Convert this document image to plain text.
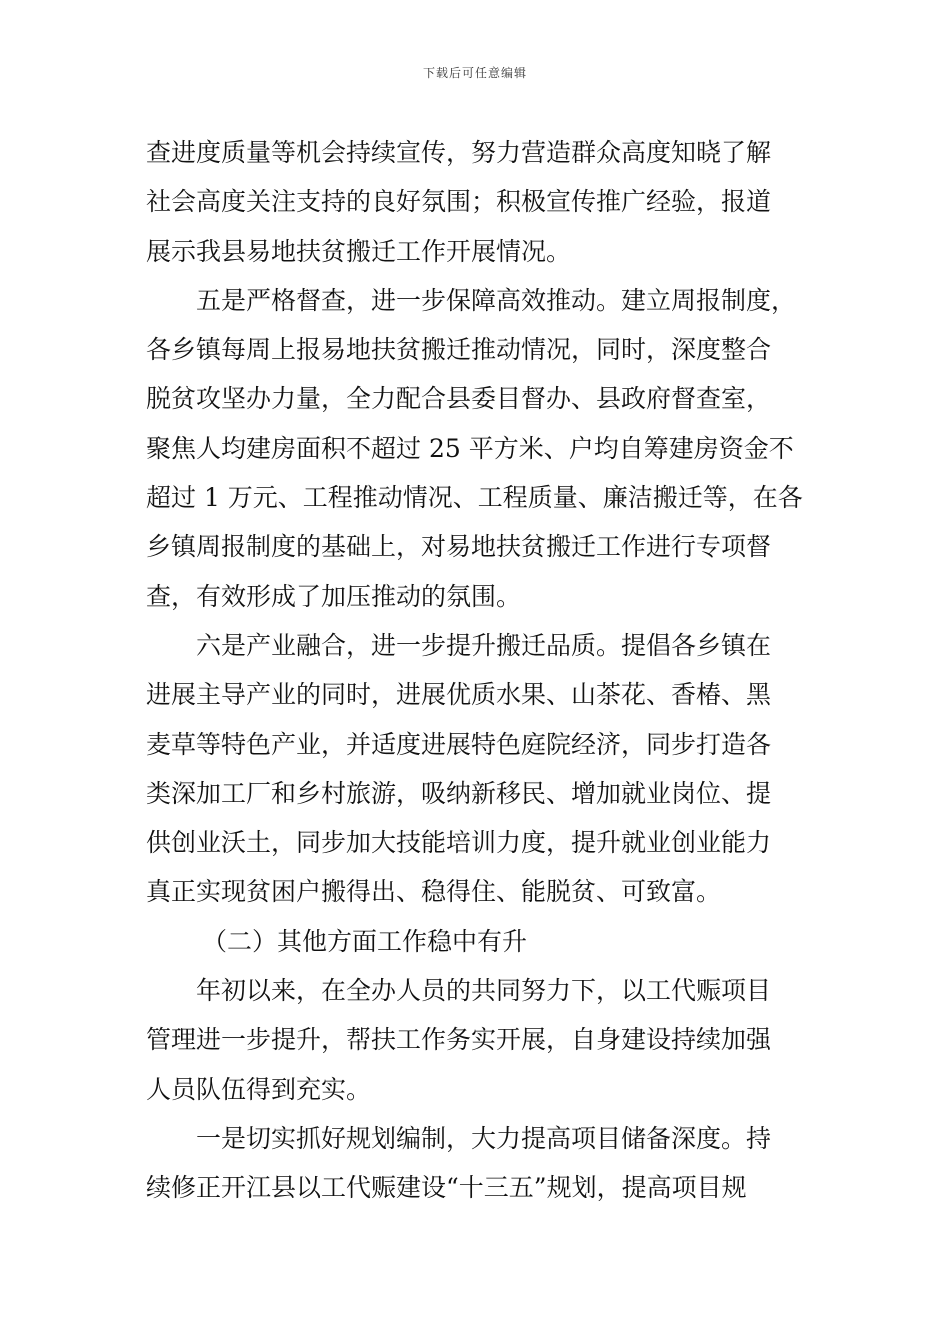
下载后可任意编辑
查进度质量等机会持续宣传，努力营造群众高度知晓了解
社会高度关注支持的良好氛围；积极宣传推广经验，报道
展示我县易地扶贫搬迁工作开展情况。
五是严格督查，进一步保障高效推动。建立周报制度，
各乡镇每周上报易地扶贫搬迁推动情况，同时，深度整合
脱贫攻坚办力量，全力配合县委目督办、县政府督查室，
聚焦人均建房面积不超过 25 平方米、户均自筹建房资金不
超过 1 万元、工程推动情况、工程质量、廉洁搬迁等，在各
乡镇周报制度的基础上，对易地扶贫搬迁工作进行专项督
查，有效形成了加压推动的氛围。
六是产业融合，进一步提升搬迁品质。提倡各乡镇在
进展主导产业的同时，进展优质水果、山茶花、香椿、黑
麦草等特色产业，并适度进展特色庭院经济，同步打造各
类深加工厂和乡村旅游，吸纳新移民、增加就业岗位、提
供创业沃土，同步加大技能培训力度，提升就业创业能力
真正实现贫困户搬得出、稳得住、能脱贫、可致富。
（二）其他方面工作稳中有升
年初以来，在全办人员的共同努力下，以工代赈项目
管理进一步提升，帮扶工作务实开展，自身建设持续加强
人员队伍得到充实。
一是切实抓好规划编制，大力提高项目储备深度。持
续修正开江县以工代赈建设“十三五”规划，提高项目规
